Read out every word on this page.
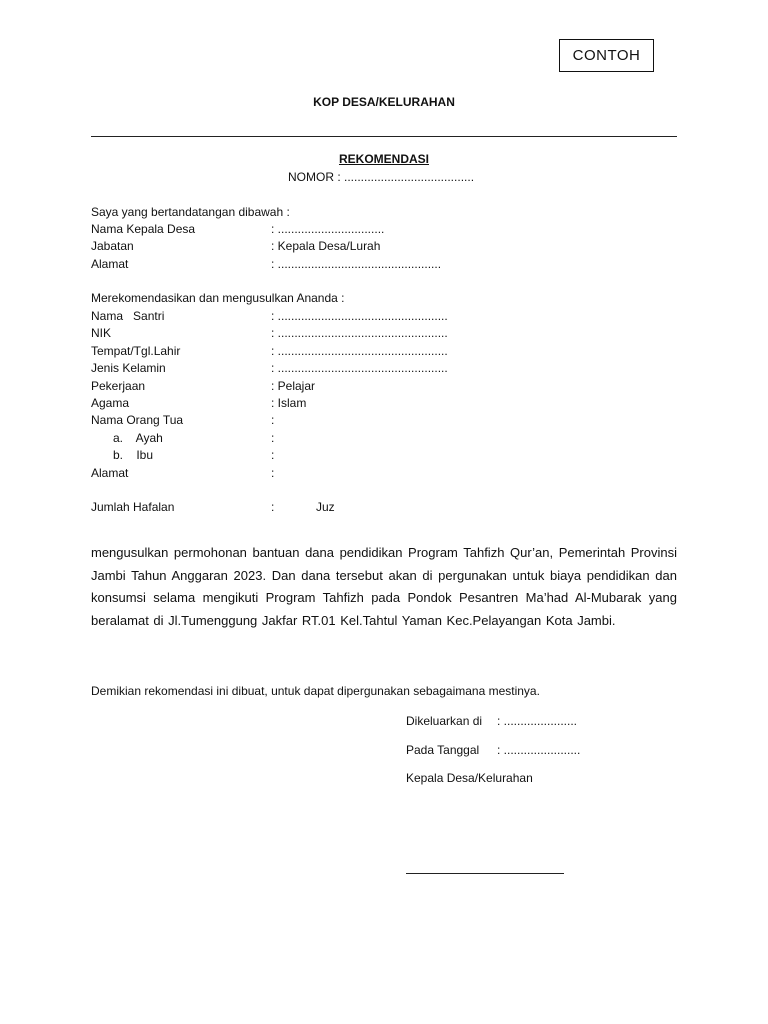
CONTOH
KOP DESA/KELURAHAN
REKOMENDASI
NOMOR : .......................................
Saya yang bertandatangan dibawah :
Nama Kepala Desa	: ................................
Jabatan	: Kepala Desa/Lurah
Alamat	: .................................................
Merekomendasikan dan mengusulkan Ananda :
Nama   Santri	: ...................................................
NIK	: ...................................................
Tempat/Tgl.Lahir	: ...................................................
Jenis Kelamin	: ...................................................
Pekerjaan	: Pelajar
Agama	: Islam
Nama Orang Tua	:
a.    Ayah	:
b.    Ibu	:
Alamat	:
Jumlah Hafalan	:	Juz
mengusulkan permohonan bantuan dana pendidikan Program Tahfizh Qur’an, Pemerintah Provinsi Jambi Tahun Anggaran 2023. Dan dana tersebut akan di pergunakan untuk biaya pendidikan dan konsumsi selama mengikuti Program Tahfizh pada Pondok Pesantren Ma’had Al-Mubarak yang beralamat di Jl.Tumenggung Jakfar RT.01 Kel.Tahtul Yaman Kec.Pelayangan Kota Jambi.
Demikian rekomendasi ini dibuat, untuk dapat dipergunakan sebagaimana mestinya.
Dikeluarkan di : ......................
Pada Tanggal : .......................
Kepala Desa/Kelurahan
